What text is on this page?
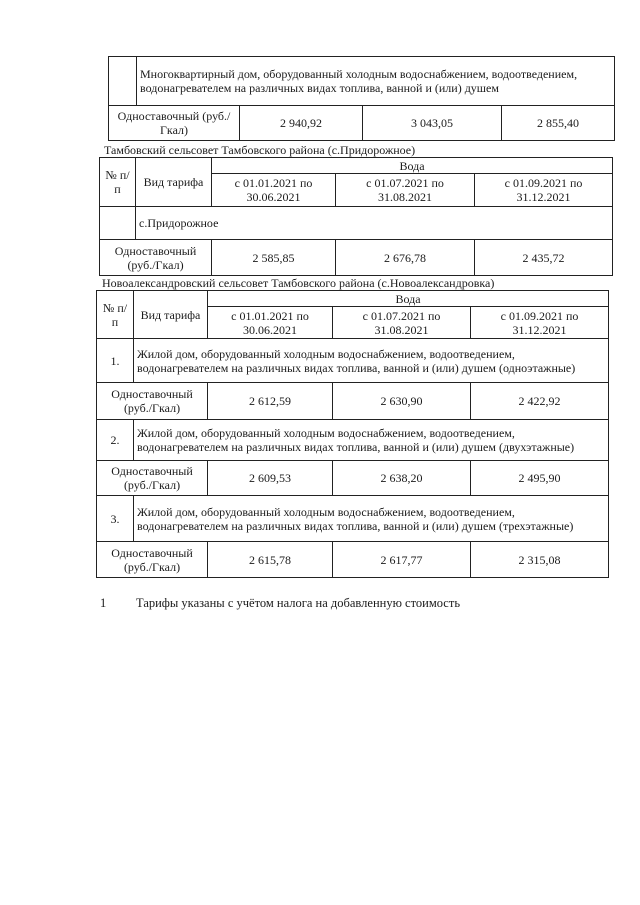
	Многоквартирный дом, оборудованный холодным водоснабжением, водоотведением, водонагревателем на различных видах топлива, ванной и (или) душем			
Одноставочный (руб./Гкал)		2 940,92	3 043,05	2 855,40
Тамбовский сельсовет Тамбовского района (с.Придорожное)
№ п/п	Вид тарифа	Вода		
		с 01.01.2021 по 30.06.2021	с 01.07.2021 по 31.08.2021	с 01.09.2021 по 31.12.2021
	с.Придорожное			
Одноставочный (руб./Гкал)		2 585,85	2 676,78	2 435,72
Новоалександровский сельсовет Тамбовского района (с.Новоалександровка)
№ п/п	Вид тарифа	Вода		
		с 01.01.2021 по 30.06.2021	с 01.07.2021 по 31.08.2021	с 01.09.2021 по 31.12.2021
1.	Жилой дом, оборудованный холодным водоснабжением, водоотведением, водонагревателем на различных видах топлива, ванной и (или) душем (одноэтажные)			
Одноставочный (руб./Гкал)		2 612,59	2 630,90	2 422,92
2.	Жилой дом, оборудованный холодным водоснабжением, водоотведением, водонагревателем на различных видах топлива, ванной и (или) душем (двухэтажные)			
Одноставочный (руб./Гкал)		2 609,53	2 638,20	2 495,90
3.	Жилой дом, оборудованный холодным водоснабжением, водоотведением, водонагревателем на различных видах топлива, ванной и (или) душем (трехэтажные)			
Одноставочный (руб./Гкал)		2 615,78	2 617,77	2 315,08
1 Тарифы указаны с учётом налога на добавленную стоимость
